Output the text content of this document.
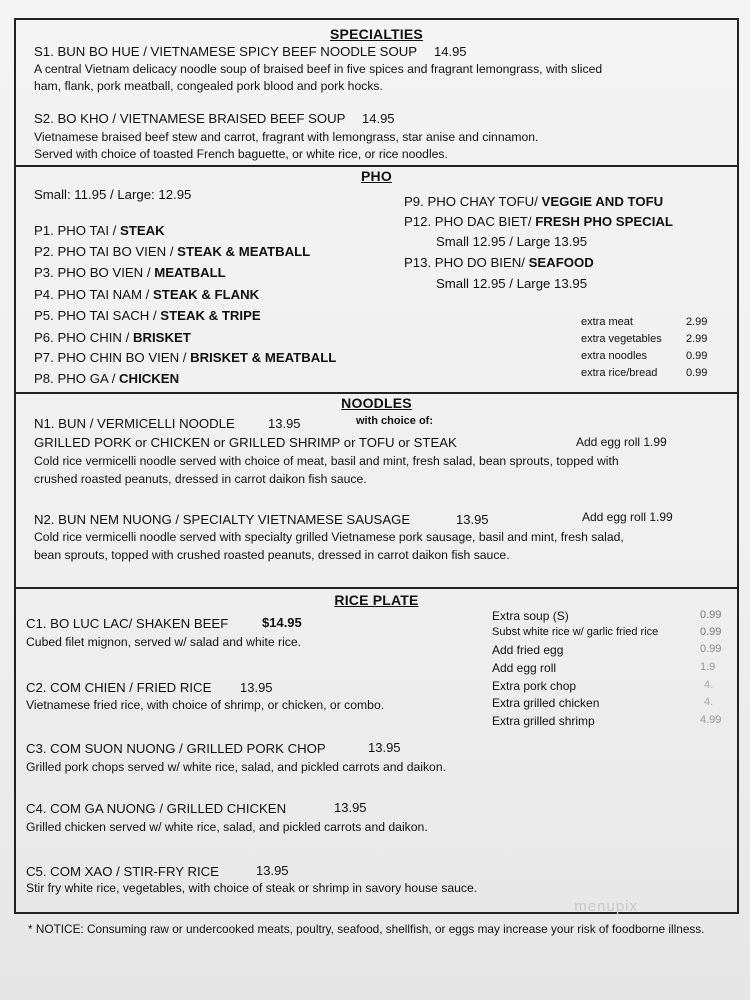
SPECIALTIES
S1. BUN BO HUE / VIETNAMESE SPICY BEEF NOODLE SOUP 14.95
A central Vietnam delicacy noodle soup of braised beef in five spices and fragrant lemongrass, with sliced
ham, flank, pork meatball, congealed pork blood and pork hocks.
S2. BO KHO / VIETNAMESE BRAISED BEEF SOUP 14.95
Vietnamese braised beef stew and carrot, fragrant with lemongrass, star anise and cinnamon.
Served with choice of toasted French baguette, or white rice, or rice noodles.
PHO
Small: 11.95 / Large: 12.95
P1. PHO TAI / STEAK
P2. PHO TAI BO VIEN / STEAK & MEATBALL
P3. PHO BO VIEN / MEATBALL
P4. PHO TAI NAM / STEAK & FLANK
P5. PHO TAI SACH / STEAK & TRIPE
P6. PHO CHIN / BRISKET
P7. PHO CHIN BO VIEN / BRISKET & MEATBALL
P8. PHO GA / CHICKEN
P9. PHO CHAY TOFU/ VEGGIE AND TOFU
P12. PHO DAC BIET/ FRESH PHO SPECIAL
Small 12.95 / Large 13.95
P13. PHO DO BIEN/ SEAFOOD
Small 12.95 / Large 13.95
extra meat	2.99
extra vegetables 2.99
extra noodles	0.99
extra rice/bread	0.99
NOODLES
with choice of:
N1. BUN / VERMICELLI NOODLE	13.95
GRILLED PORK or CHICKEN or GRILLED SHRIMP or TOFU or STEAK	Add egg roll 1.99
Cold rice vermicelli noodle served with choice of meat, basil and mint, fresh salad, bean sprouts, topped with
crushed roasted peanuts, dressed in carrot daikon fish sauce.
N2. BUN NEM NUONG / SPECIALTY VIETNAMESE SAUSAGE	13.95	Add egg roll 1.99
Cold rice vermicelli noodle served with specialty grilled Vietnamese pork sausage, basil and mint, fresh salad,
bean sprouts, topped with crushed roasted peanuts, dressed in carrot daikon fish sauce.
RICE PLATE
C1. BO LUC LAC/ SHAKEN BEEF	$14.95
Cubed filet mignon, served w/ salad and white rice.
C2. COM CHIEN / FRIED RICE 13.95
Vietnamese fried rice, with choice of shrimp, or chicken, or combo.
C3. COM SUON NUONG / GRILLED PORK CHOP	13.95
Grilled pork chops served w/ white rice, salad, and pickled carrots and daikon.
C4. COM GA NUONG / GRILLED CHICKEN	13.95
Grilled chicken served w/ white rice, salad, and pickled carrots and daikon.
C5. COM XAO / STIR-FRY RICE	13.95
Stir fry white rice, vegetables, with choice of steak or shrimp in savory house sauce.
Extra soup (S)	0.99
Subst white rice w/ garlic fried rice	0.99
Add fried egg	0.99
Add egg roll	1.9
Extra pork chop	4.
Extra grilled chicken	4.
Extra grilled shrimp	4.99
menupix
* NOTICE: Consuming raw or undercooked meats, poultry, seafood, shellfish, or eggs may increase your risk of foodborne illness.
